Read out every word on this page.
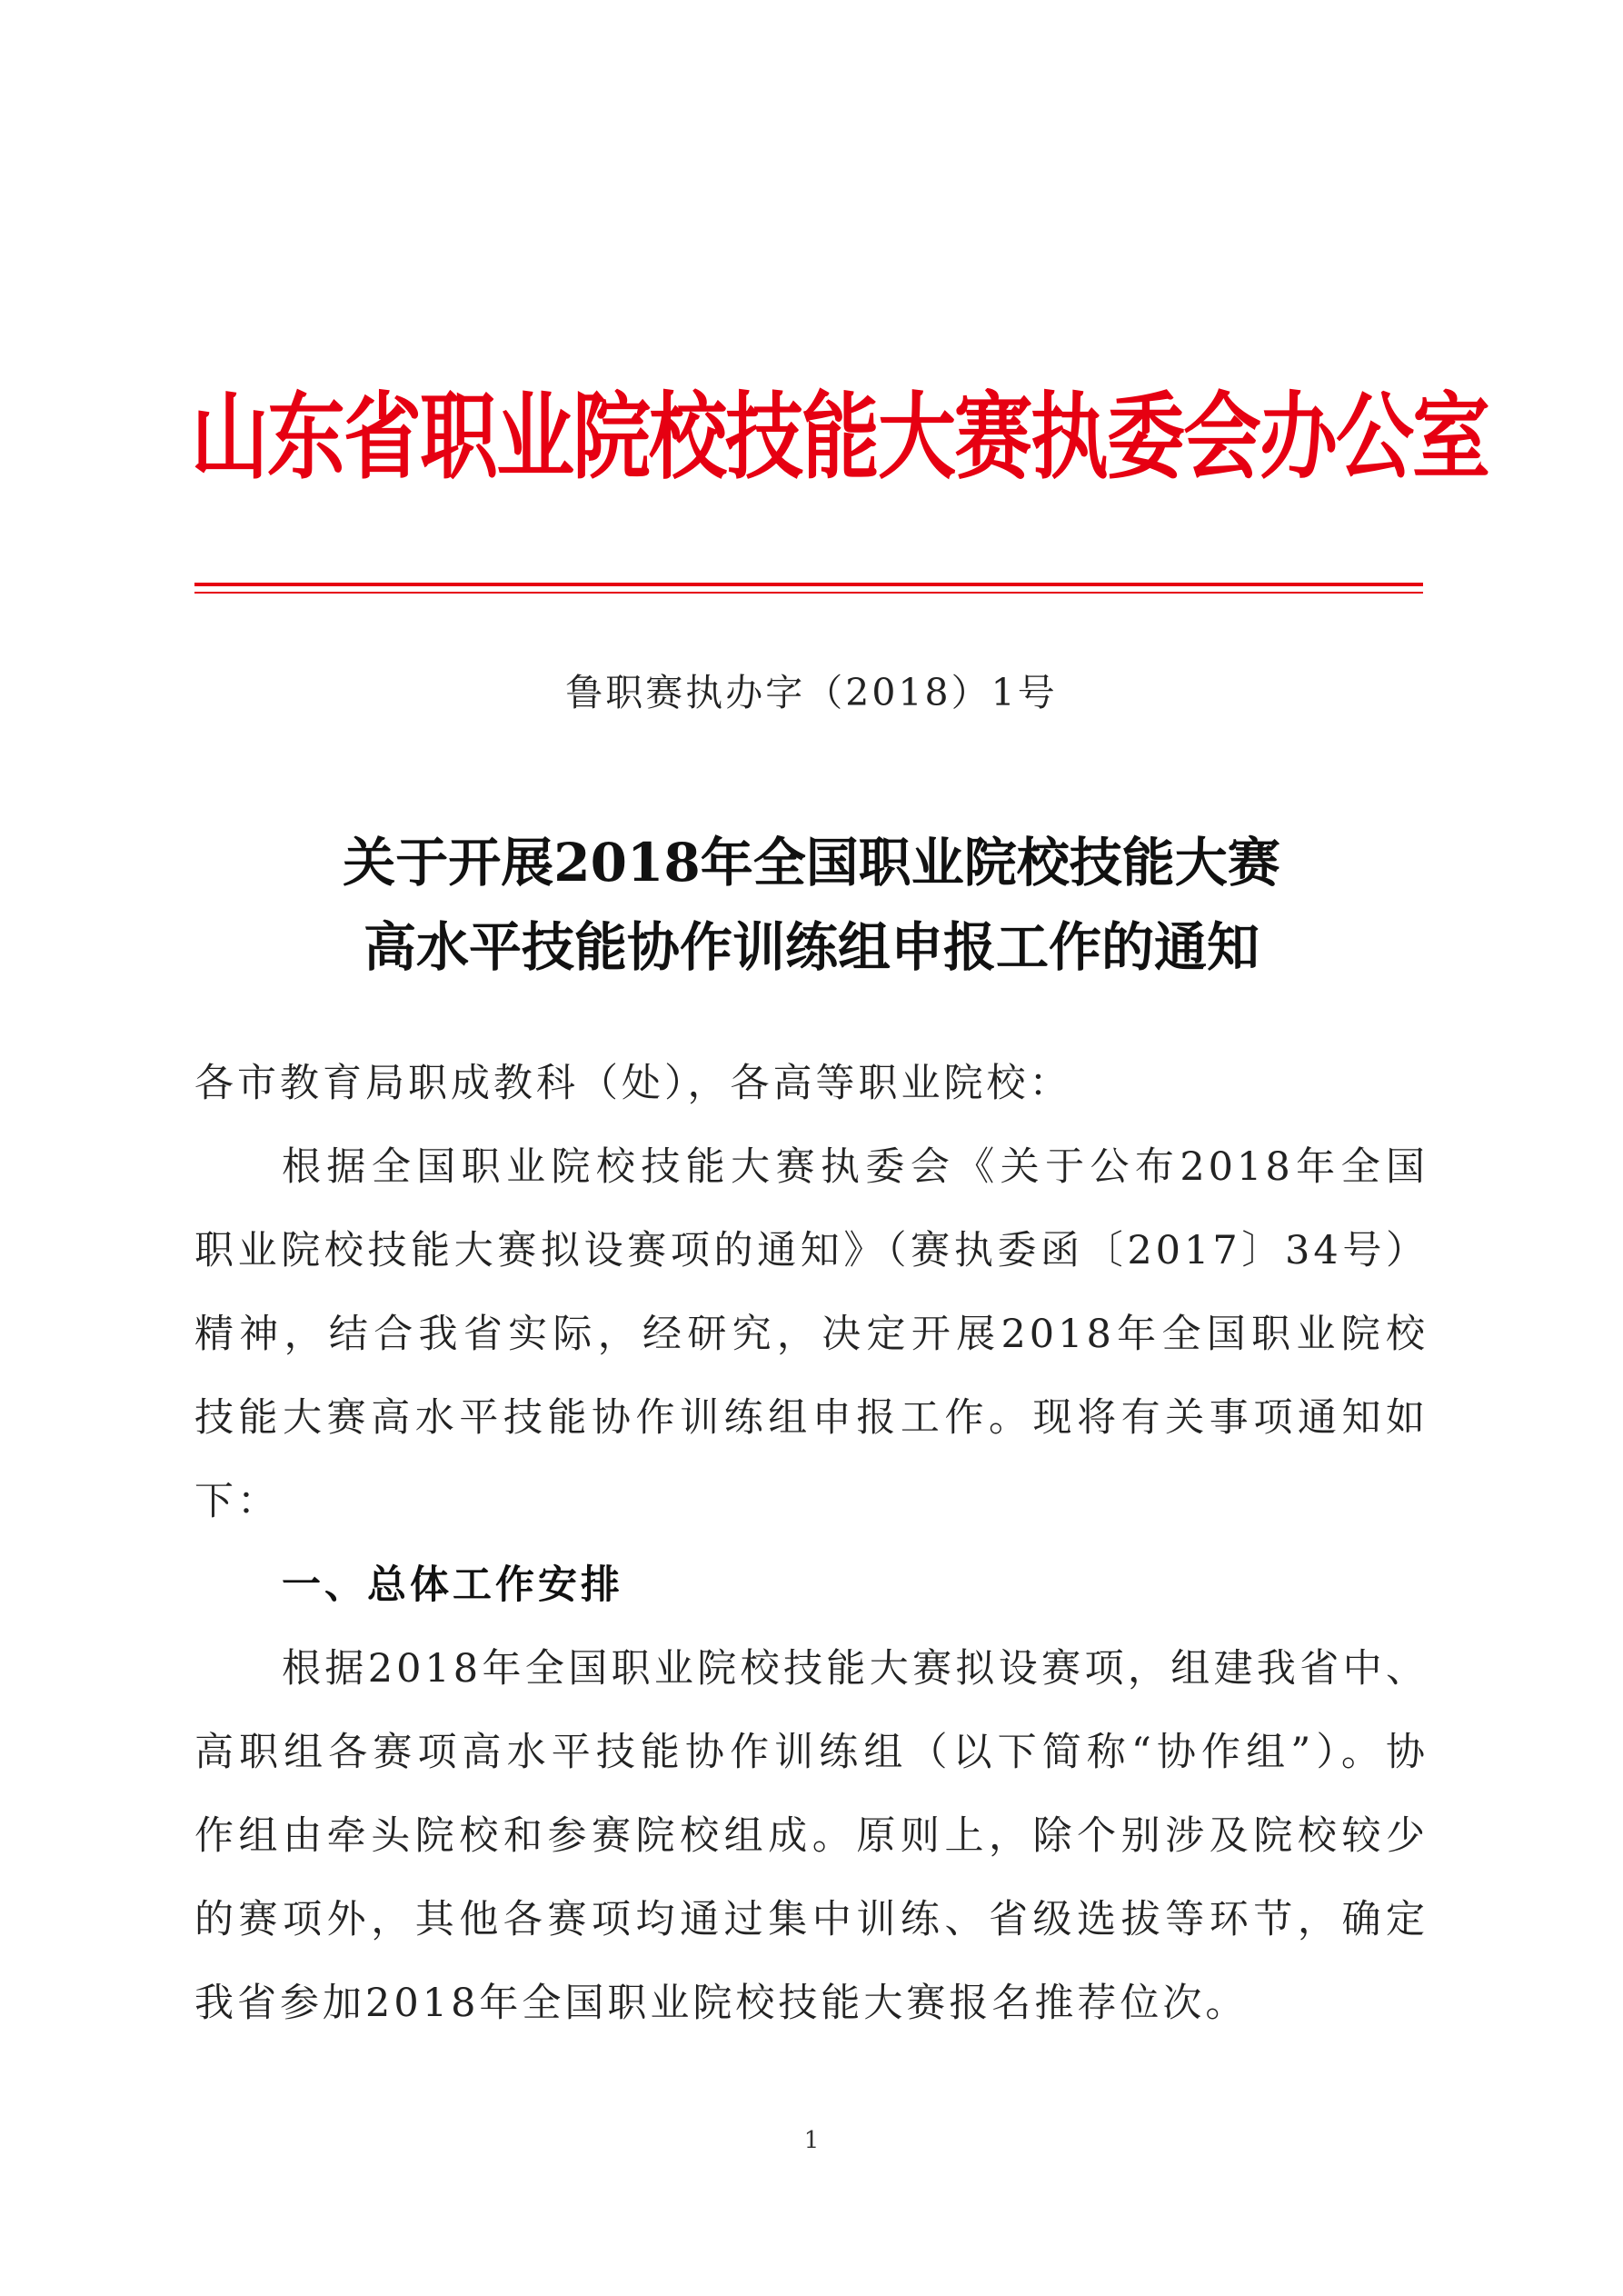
山东省职业院校技能大赛执委会办公室
鲁职赛执办字（2018）1号
关于开展2018年全国职业院校技能大赛
高水平技能协作训练组申报工作的通知
各市教育局职成教科（处），各高等职业院校：
根据全国职业院校技能大赛执委会《关于公布2018年全国
职业院校技能大赛拟设赛项的通知》（赛执委函〔2017〕34号）
精神，结合我省实际，经研究，决定开展2018年全国职业院校
技能大赛高水平技能协作训练组申报工作。现将有关事项通知如
下：
一、总体工作安排
根据2018年全国职业院校技能大赛拟设赛项，组建我省中、
高职组各赛项高水平技能协作训练组（以下简称“协作组”）。协
作组由牵头院校和参赛院校组成。原则上，除个别涉及院校较少
的赛项外，其他各赛项均通过集中训练、省级选拔等环节，确定
我省参加2018年全国职业院校技能大赛报名推荐位次。
1
